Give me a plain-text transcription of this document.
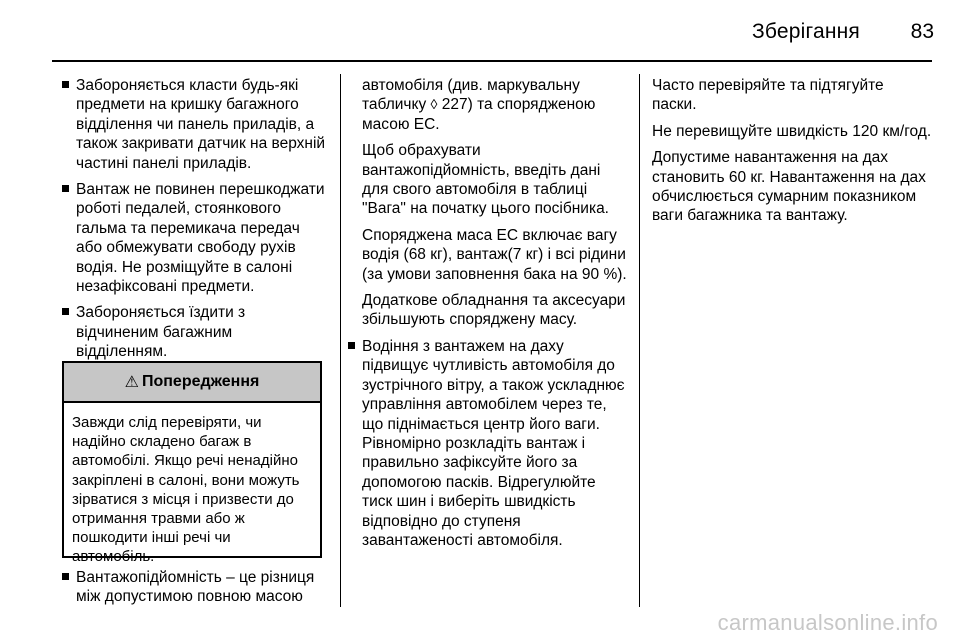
Зберігання	83
Забороняється класти будь-які предмети на кришку багажного відділення чи панель приладів, а також закривати датчик на верхній частині панелі приладів.
Вантаж не повинен перешкоджати роботі педалей, стоянкового гальма та перемикача передач або обмежувати свободу рухів водія. Не розміщуйте в салоні незафіксовані предмети.
Забороняється їздити з відчиненим багажним відділенням.
⚠ Попередження
Завжди слід перевіряти, чи надійно складено багаж в автомобілі. Якщо речі ненадійно закріплені в салоні, вони можуть зірватися з місця і призвести до отримання травми або ж пошкодити інші речі чи автомобіль.
Вантажопідйомність – це різниця між допустимою повною масою
автомобіля (див. маркувальну табличку ◊ 227) та спорядженою масою ЕС.
Щоб обрахувати вантажопідйомність, введіть дані для свого автомобіля в таблиці "Вага" на початку цього посібника.
Споряджена маса ЕС включає вагу водія (68 кг), вантаж(7 кг) і всі рідини (за умови заповнення бака на 90 %).
Додаткове обладнання та аксесуари збільшують споряджену масу.
Водіння з вантажем на даху підвищує чутливість автомобіля до зустрічного вітру, а також ускладнює управління автомобілем через те, що піднімається центр його ваги. Рівномірно розкладіть вантаж і правильно зафіксуйте його за допомогою пасків. Відрегулюйте тиск шин і виберіть швидкість відповідно до ступеня завантаженості автомобіля.
Часто перевіряйте та підтягуйте паски.
Не перевищуйте швидкість 120 км/год.
Допустиме навантаження на дах становить 60 кг. Навантаження на дах обчислюється сумарним показником ваги багажника та вантажу.
carmanualsonline.info
